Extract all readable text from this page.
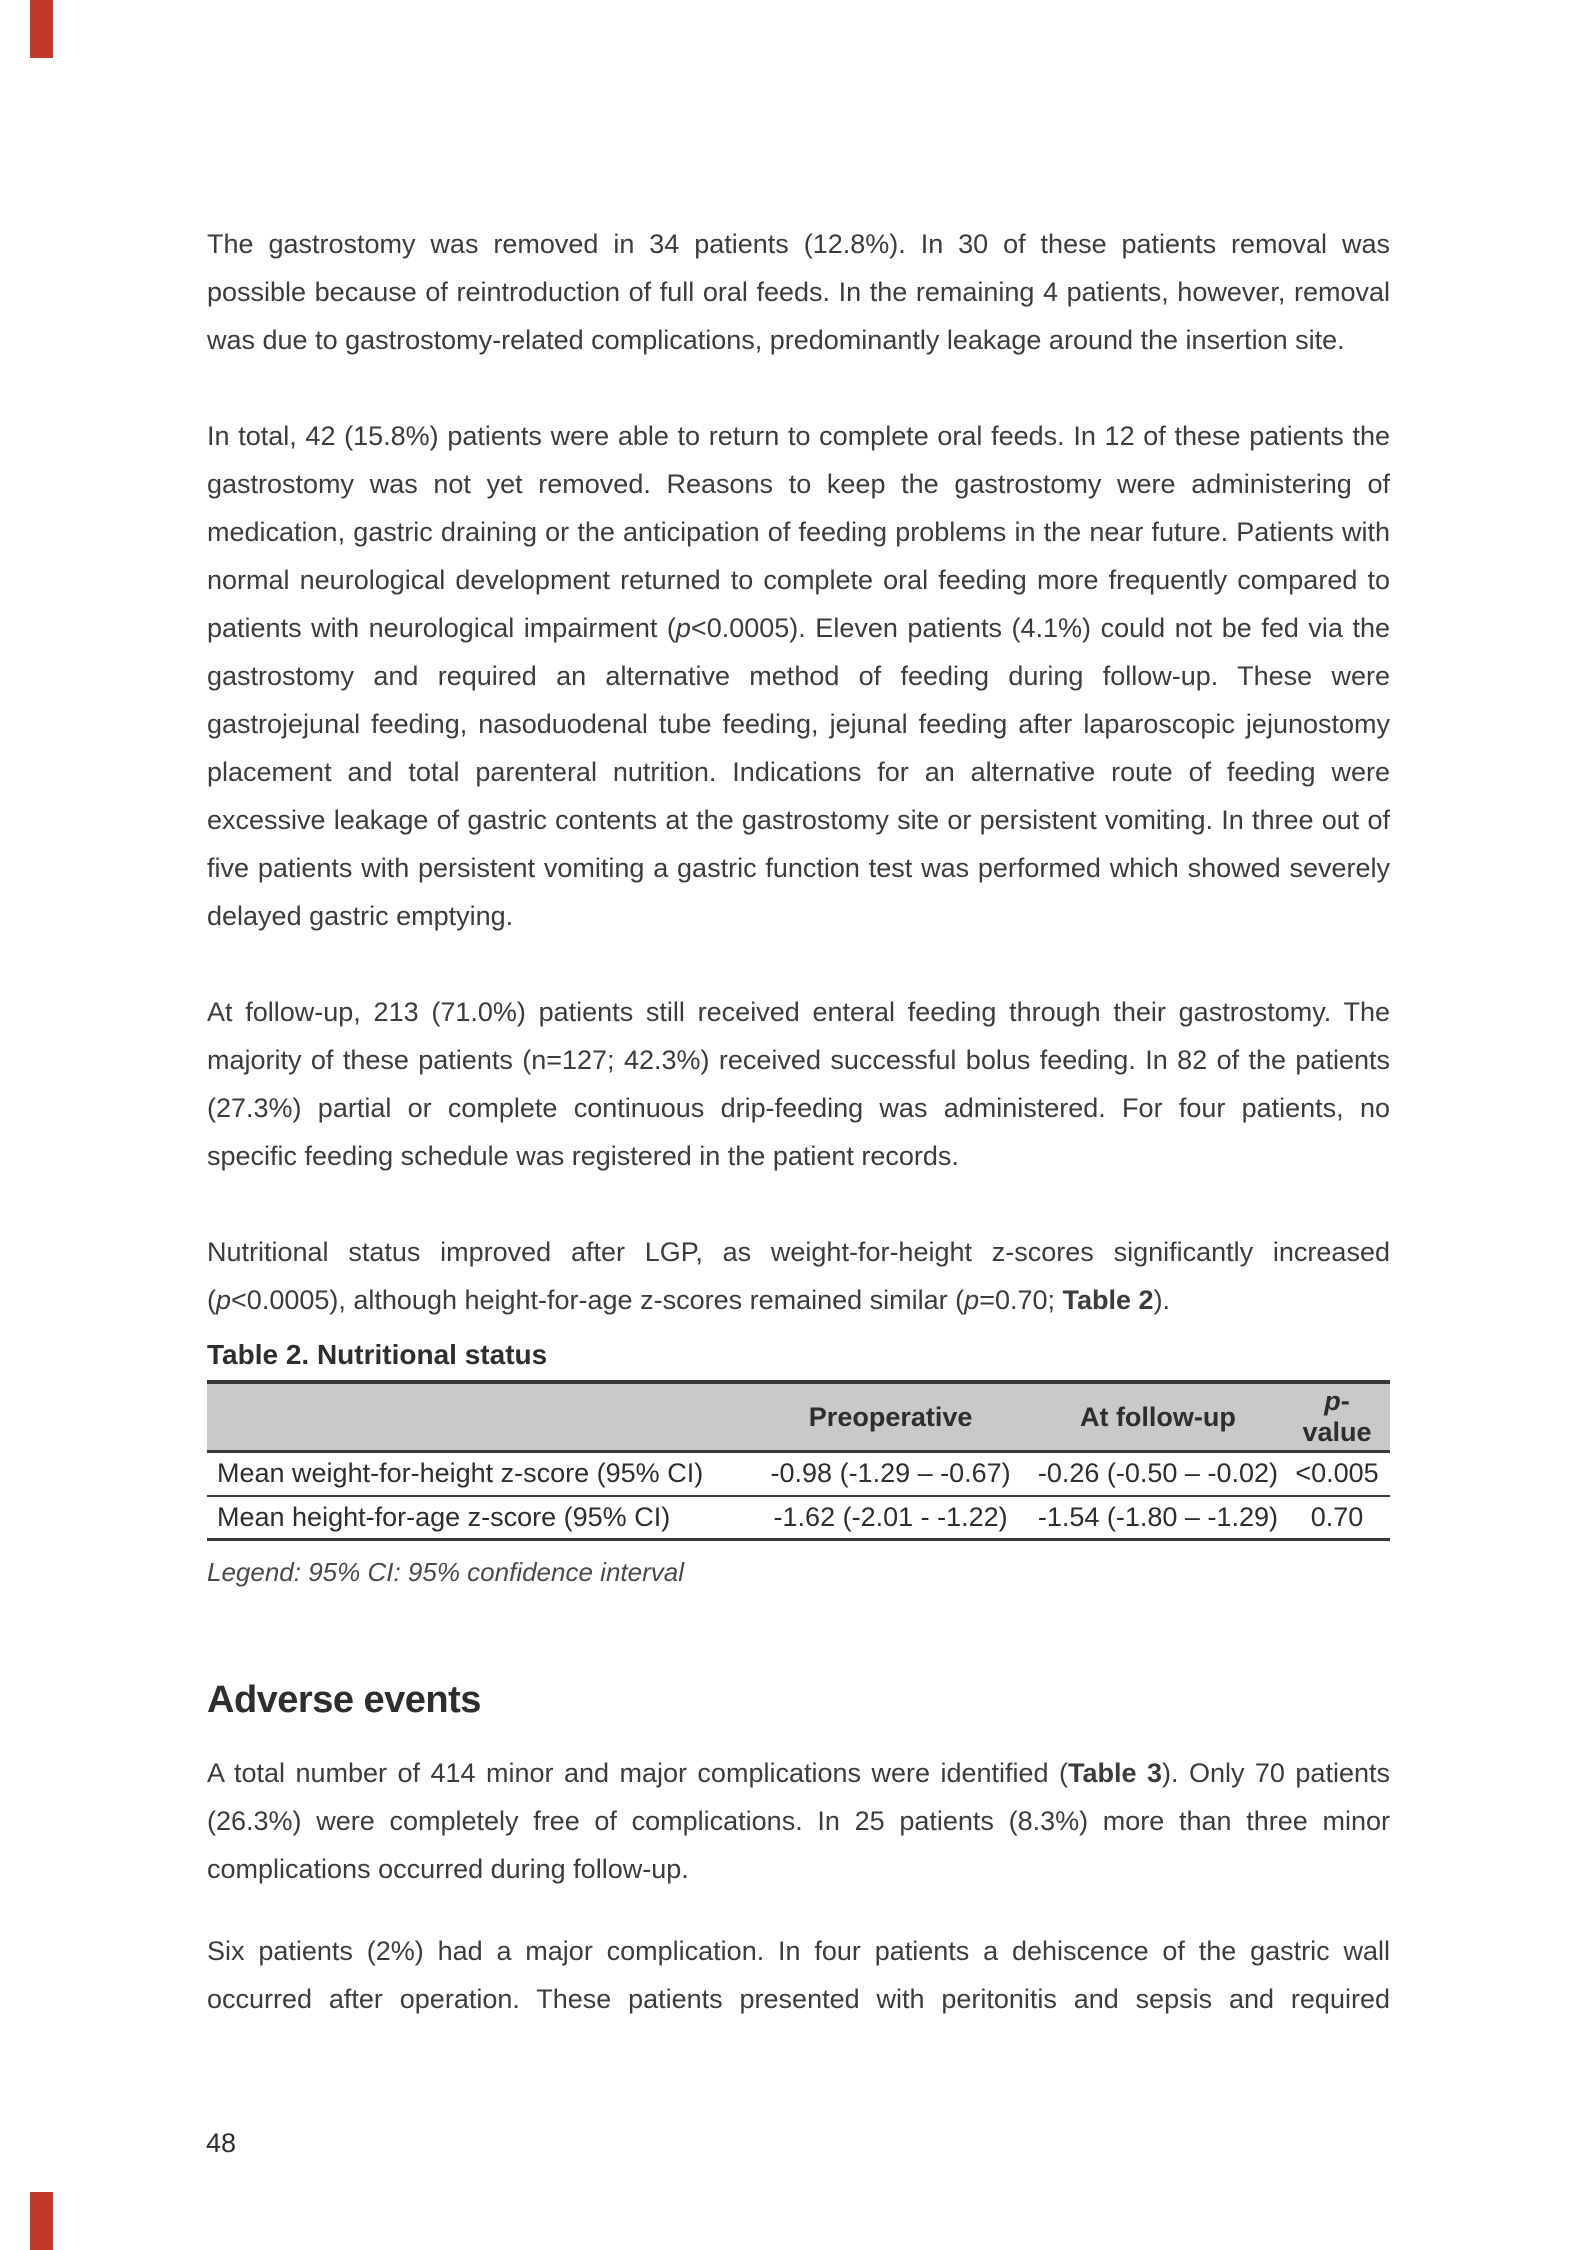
The gastrostomy was removed in 34 patients (12.8%). In 30 of these patients removal was possible because of reintroduction of full oral feeds. In the remaining 4 patients, however, removal was due to gastrostomy-related complications, predominantly leakage around the insertion site.

In total, 42 (15.8%) patients were able to return to complete oral feeds. In 12 of these patients the gastrostomy was not yet removed. Reasons to keep the gastrostomy were administering of medication, gastric draining or the anticipation of feeding problems in the near future. Patients with normal neurological development returned to complete oral feeding more frequently compared to patients with neurological impairment (p<0.0005). Eleven patients (4.1%) could not be fed via the gastrostomy and required an alternative method of feeding during follow-up. These were gastrojejunal feeding, nasoduodenal tube feeding, jejunal feeding after laparoscopic jejunostomy placement and total parenteral nutrition. Indications for an alternative route of feeding were excessive leakage of gastric contents at the gastrostomy site or persistent vomiting. In three out of five patients with persistent vomiting a gastric function test was performed which showed severely delayed gastric emptying.

At follow-up, 213 (71.0%) patients still received enteral feeding through their gastrostomy. The majority of these patients (n=127; 42.3%) received successful bolus feeding. In 82 of the patients (27.3%) partial or complete continuous drip-feeding was administered. For four patients, no specific feeding schedule was registered in the patient records.

Nutritional status improved after LGP, as weight-for-height z-scores significantly increased (p<0.0005), although height-for-age z-scores remained similar (p=0.70; Table 2).

Table 2. Nutritional status
	Preoperative	At follow-up	p-value
Mean weight-for-height z-score (95% CI)	-0.98 (-1.29 – -0.67)	-0.26 (-0.50 – -0.02)	<0.005
Mean height-for-age z-score (95% CI)	-1.62 (-2.01 - -1.22)	-1.54 (-1.80 – -1.29)	0.70
Legend: 95% CI: 95% confidence interval
Adverse events

A total number of 414 minor and major complications were identified (Table 3). Only 70 patients (26.3%) were completely free of complications. In 25 patients (8.3%) more than three minor complications occurred during follow-up.

Six patients (2%) had a major complication. In four patients a dehiscence of the gastric wall occurred after operation. These patients presented with peritonitis and sepsis and required

48
